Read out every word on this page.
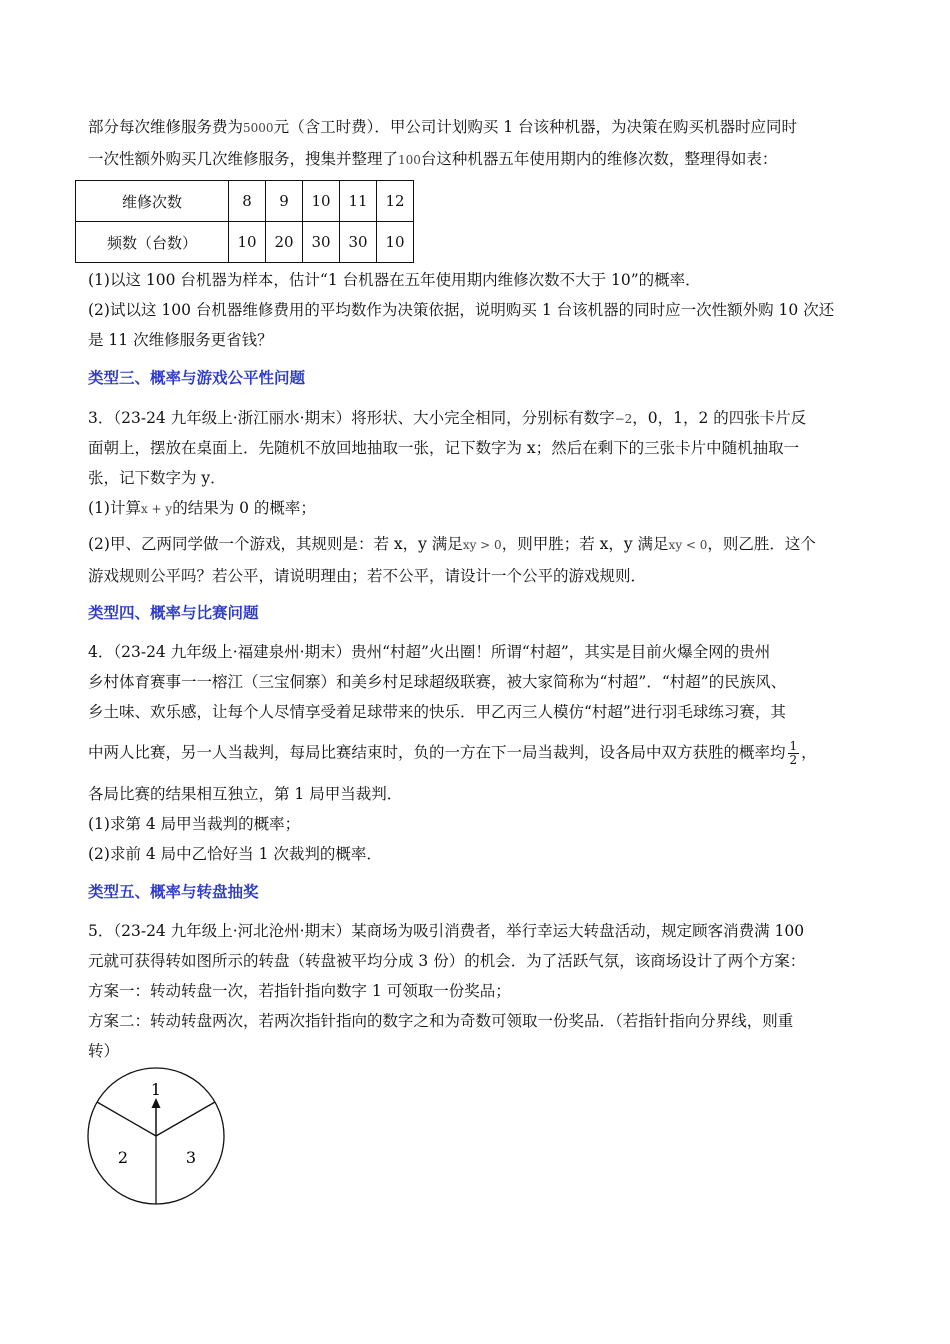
部分每次维修服务费为5000元（含工时费）．甲公司计划购买 1 台该种机器，为决策在购买机器时应同时
一次性额外购买几次维修服务，搜集并整理了100台这种机器五年使用期内的维修次数，整理得如表：
维修次数	8	9	10	11	12
频数（台数）	10	20	30	30	10
(1)以这 100 台机器为样本，估计“1 台机器在五年使用期内维修次数不大于 10”的概率．
(2)试以这 100 台机器维修费用的平均数作为决策依据，说明购买 1 台该机器的同时应一次性额外购 10 次还
是 11 次维修服务更省钱？
类型三、概率与游戏公平性问题
3．（23-24 九年级上·浙江丽水·期末）将形状、大小完全相同，分别标有数字−2，0，1，2 的四张卡片反
面朝上，摆放在桌面上．先随机不放回地抽取一张，记下数字为 x；然后在剩下的三张卡片中随机抽取一
张，记下数字为 y．
(1)计算x + y的结果为 0 的概率；
(2)甲、乙两同学做一个游戏，其规则是：若 x，y 满足xy > 0，则甲胜；若 x，y 满足xy < 0，则乙胜．这个
游戏规则公平吗？若公平，请说明理由；若不公平，请设计一个公平的游戏规则．
类型四、概率与比赛问题
4．（23-24 九年级上·福建泉州·期末）贵州“村超”火出圈！所谓“村超”，其实是目前火爆全网的贵州
乡村体育赛事一一榕江（三宝侗寨）和美乡村足球超级联赛，被大家简称为“村超”．“村超”的民族风、
乡土味、欢乐感，让每个人尽情享受着足球带来的快乐．甲乙丙三人模仿“村超”进行羽毛球练习赛，其
中两人比赛，另一人当裁判，每局比赛结束时，负的一方在下一局当裁判，设各局中双方获胜的概率均 $\frac{1}{2}$ ，
各局比赛的结果相互独立，第 1 局甲当裁判．
(1)求第 4 局甲当裁判的概率；
(2)求前 4 局中乙恰好当 1 次裁判的概率．
类型五、概率与转盘抽奖
5．（23-24 九年级上·河北沧州·期末）某商场为吸引消费者，举行幸运大转盘活动，规定顾客消费满 100
元就可获得转如图所示的转盘（转盘被平均分成 3 份）的机会．为了活跃气氛，该商场设计了两个方案：
方案一：转动转盘一次，若指针指向数字 1 可领取一份奖品；
方案二：转动转盘两次，若两次指针指向的数字之和为奇数可领取一份奖品．（若指针指向分界线，则重
转）
1
2	3
